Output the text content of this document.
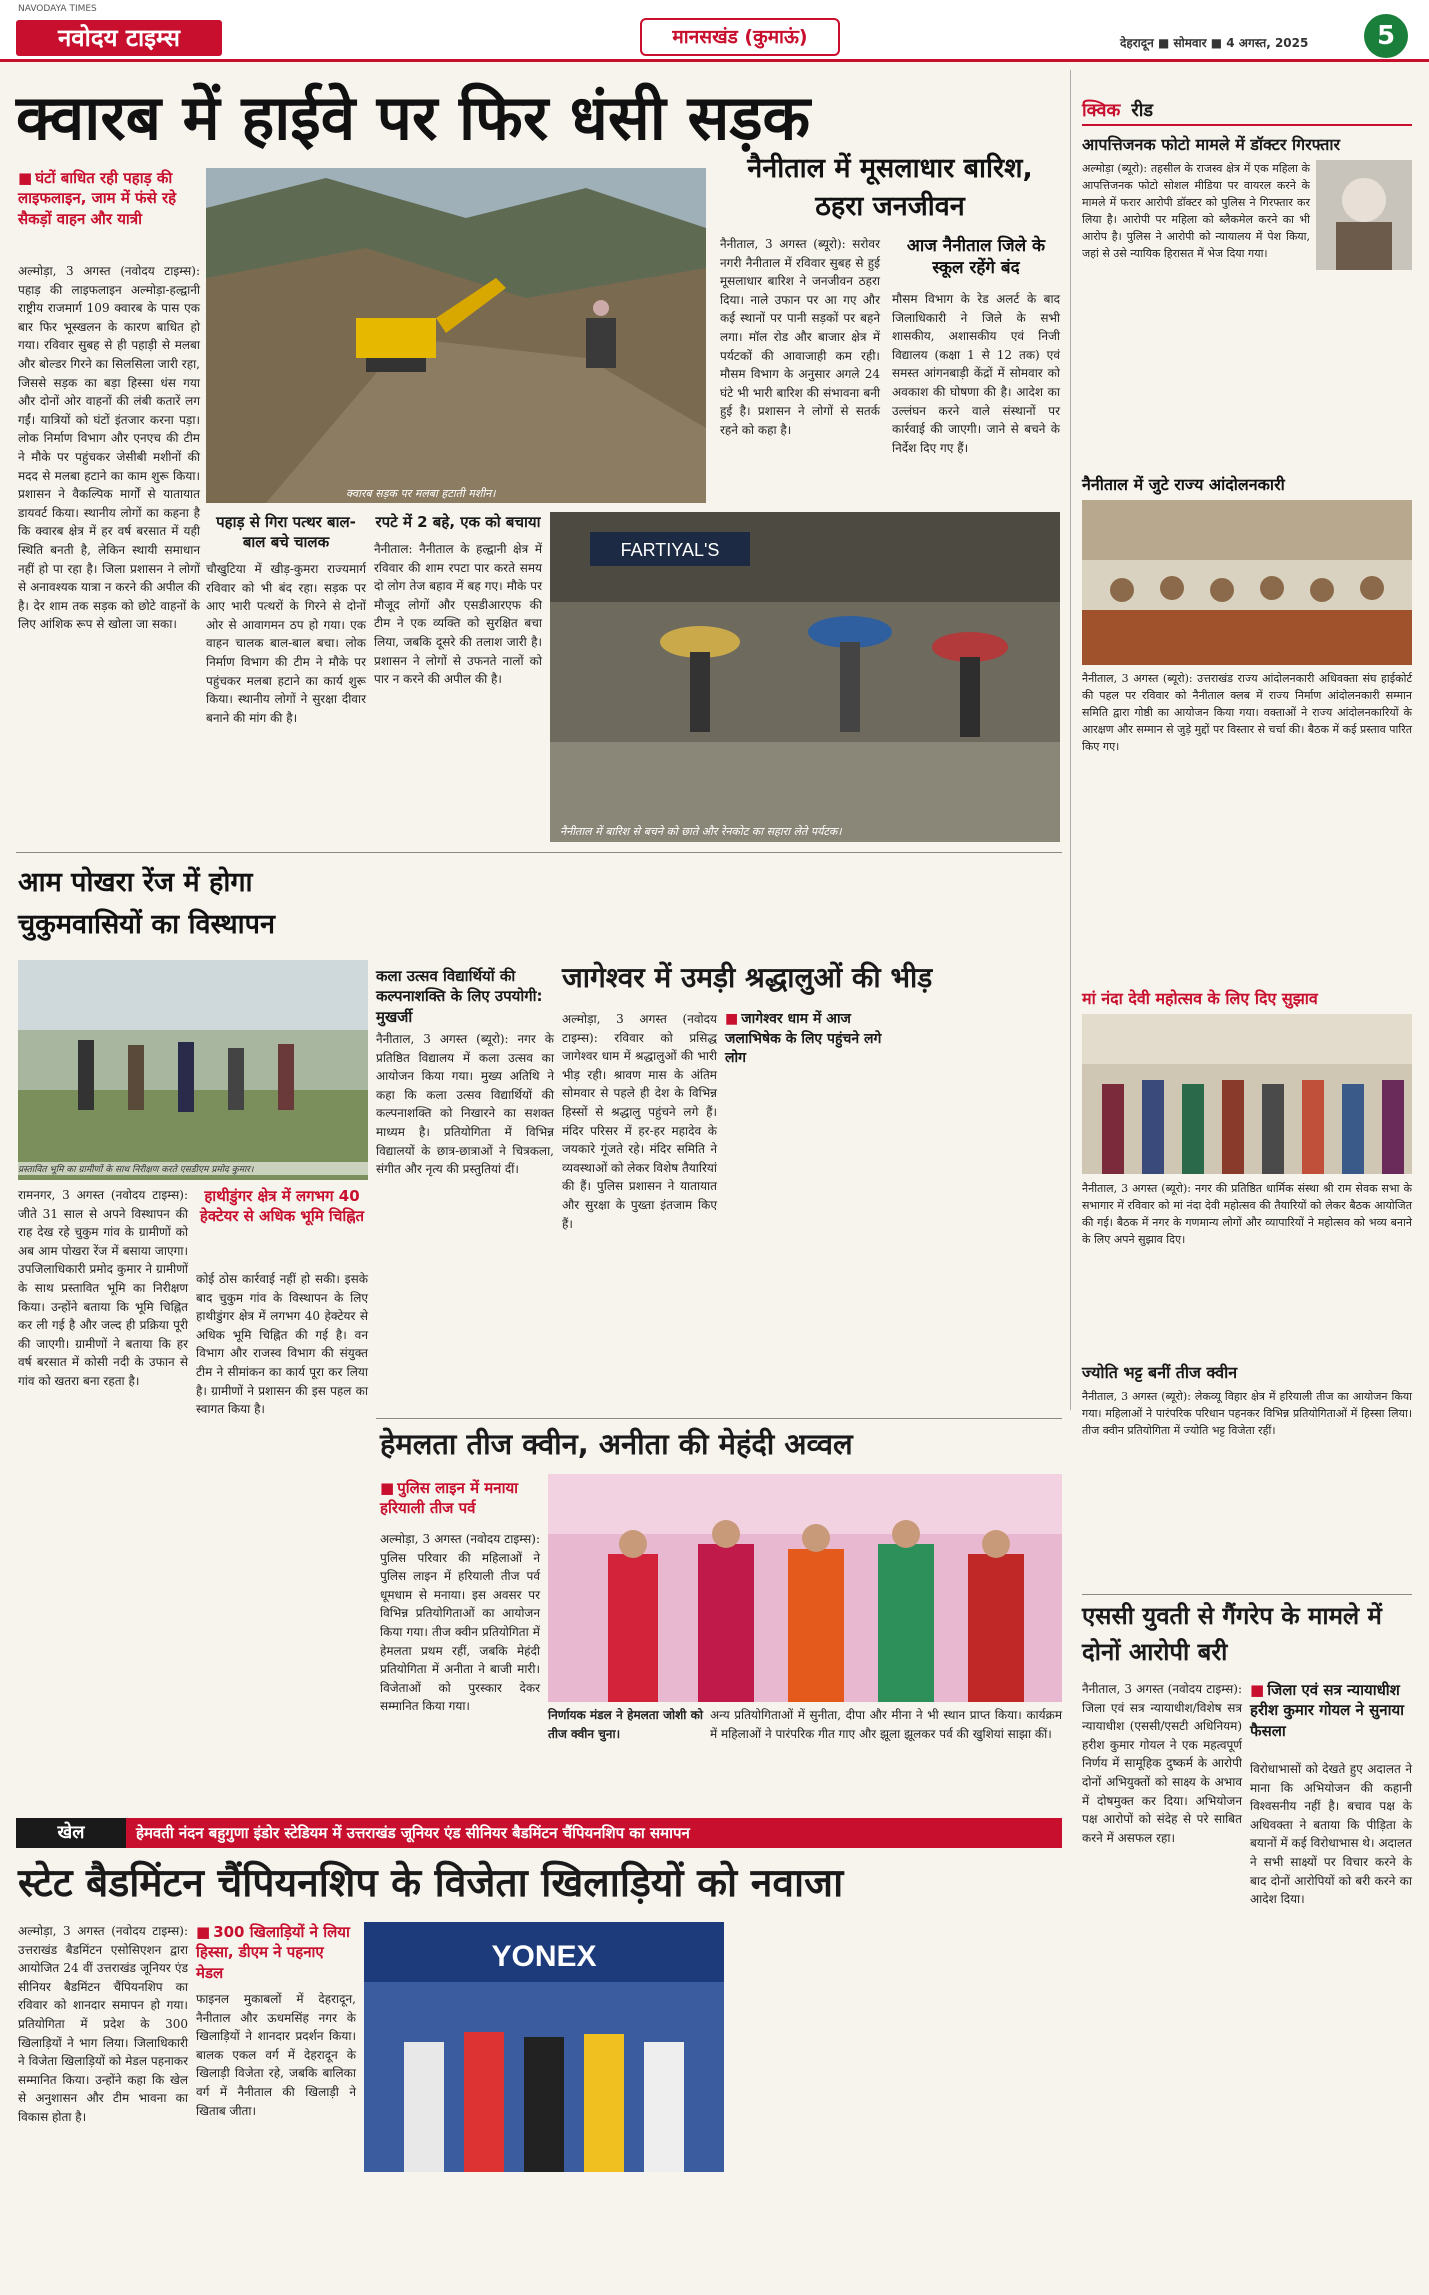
NAVODAYA TIMES
नवोदय टाइम्स	मानसखंड (कुमाऊं)	देहरादून ■ सोमवार ■ 4 अगस्त, 2025	5
क्वारब में हाईवे पर फिर धंसी सड़क
■ घंटों बाधित रही पहाड़ की लाइफलाइन, जाम में फंसे रहे सैकड़ों वाहन और यात्री
अल्मोड़ा, 3 अगस्त (नवोदय टाइम्स): पहाड़ की लाइफलाइन अल्मोड़ा-हल्द्वानी राष्ट्रीय राजमार्ग 109 क्वारब के पास एक बार फिर भूस्खलन के कारण बाधित हो गया। रविवार सुबह से ही पहाड़ी से मलबा और बोल्डर गिरने का सिलसिला जारी रहा, जिससे सड़क का बड़ा हिस्सा धंस गया और दोनों ओर वाहनों की लंबी कतारें लग गईं। यात्रियों को घंटों इंतजार करना पड़ा। लोक निर्माण विभाग और एनएच की टीम ने मौके पर पहुंचकर जेसीबी मशीनों की मदद से मलबा हटाने का काम शुरू किया। प्रशासन ने वैकल्पिक मार्गों से यातायात डायवर्ट किया। स्थानीय लोगों का कहना है कि क्वारब क्षेत्र में हर वर्ष बरसात में यही स्थिति बनती है, लेकिन स्थायी समाधान नहीं हो पा रहा है। जिला प्रशासन ने लोगों से अनावश्यक यात्रा न करने की अपील की है। देर शाम तक सड़क को छोटे वाहनों के लिए आंशिक रूप से खोला जा सका।
क्वारब सड़क पर मलबा हटाती मशीन।
नैनीताल में मूसलाधार बारिश, ठहरा जनजीवन
नैनीताल, 3 अगस्त (ब्यूरो): सरोवर नगरी नैनीताल में रविवार सुबह से हुई मूसलाधार बारिश ने जनजीवन ठहरा दिया। नाले उफान पर आ गए और कई स्थानों पर पानी सड़कों पर बहने लगा। मॉल रोड और बाजार क्षेत्र में पर्यटकों की आवाजाही कम रही। मौसम विभाग के अनुसार अगले 24 घंटे भी भारी बारिश की संभावना बनी हुई है। प्रशासन ने लोगों से सतर्क रहने को कहा है।
आज नैनीताल जिले के स्कूल रहेंगे बंद
मौसम विभाग के रेड अलर्ट के बाद जिलाधिकारी ने जिले के सभी शासकीय, अशासकीय एवं निजी विद्यालय (कक्षा 1 से 12 तक) एवं समस्त आंगनबाड़ी केंद्रों में सोमवार को अवकाश की घोषणा की है। आदेश का उल्लंघन करने वाले संस्थानों पर कार्रवाई की जाएगी। जाने से बचने के निर्देश दिए गए हैं।
पहाड़ से गिरा पत्थर बाल-बाल बचे चालक
चौखुटिया में खीड़-कुमरा राज्यमार्ग रविवार को भी बंद रहा। सड़क पर आए भारी पत्थरों के गिरने से दोनों ओर से आवागमन ठप हो गया। एक वाहन चालक बाल-बाल बचा। लोक निर्माण विभाग की टीम ने मौके पर पहुंचकर मलबा हटाने का कार्य शुरू किया। स्थानीय लोगों ने सुरक्षा दीवार बनाने की मांग की है।
रपटे में 2 बहे, एक को बचाया
नैनीताल: नैनीताल के हल्द्वानी क्षेत्र में रविवार की शाम रपटा पार करते समय दो लोग तेज बहाव में बह गए। मौके पर मौजूद लोगों और एसडीआरएफ की टीम ने एक व्यक्ति को सुरक्षित बचा लिया, जबकि दूसरे की तलाश जारी है। प्रशासन ने लोगों से उफनते नालों को पार न करने की अपील की है।
FARTIYAL'S
नैनीताल में बारिश से बचने को छाते और रेनकोट का सहारा लेते पर्यटक।
आम पोखरा रेंज में होगा चुकुमवासियों का विस्थापन
प्रस्तावित भूमि का ग्रामीणों के साथ निरीक्षण करते एसडीएम प्रमोद कुमार।
रामनगर, 3 अगस्त (नवोदय टाइम्स): जीते 31 साल से अपने विस्थापन की राह देख रहे चुकुम गांव के ग्रामीणों को अब आम पोखरा रेंज में बसाया जाएगा। उपजिलाधिकारी प्रमोद कुमार ने ग्रामीणों के साथ प्रस्तावित भूमि का निरीक्षण किया। उन्होंने बताया कि भूमि चिह्नित कर ली गई है और जल्द ही प्रक्रिया पूरी की जाएगी। ग्रामीणों ने बताया कि हर वर्ष बरसात में कोसी नदी के उफान से गांव को खतरा बना रहता है।
हाथीडुंगर क्षेत्र में लगभग 40 हेक्टेयर से अधिक भूमि चिह्नित
कोई ठोस कार्रवाई नहीं हो सकी। इसके बाद चुकुम गांव के विस्थापन के लिए हाथीडुंगर क्षेत्र में लगभग 40 हेक्टेयर से अधिक भूमि चिह्नित की गई है। वन विभाग और राजस्व विभाग की संयुक्त टीम ने सीमांकन का कार्य पूरा कर लिया है। ग्रामीणों ने प्रशासन की इस पहल का स्वागत किया है।
कला उत्सव विद्यार्थियों की कल्पनाशक्ति के लिए उपयोगी: मुखर्जी
नैनीताल, 3 अगस्त (ब्यूरो): नगर के प्रतिष्ठित विद्यालय में कला उत्सव का आयोजन किया गया। मुख्य अतिथि ने कहा कि कला उत्सव विद्यार्थियों की कल्पनाशक्ति को निखारने का सशक्त माध्यम है। प्रतियोगिता में विभिन्न विद्यालयों के छात्र-छात्राओं ने चित्रकला, संगीत और नृत्य की प्रस्तुतियां दीं।
जागेश्वर में उमड़ी श्रद्धालुओं की भीड़
अल्मोड़ा, 3 अगस्त (नवोदय टाइम्स): रविवार को प्रसिद्ध जागेश्वर धाम में श्रद्धालुओं की भारी भीड़ रही। श्रावण मास के अंतिम सोमवार से पहले ही देश के विभिन्न हिस्सों से श्रद्धालु पहुंचने लगे हैं। मंदिर परिसर में हर-हर महादेव के जयकारे गूंजते रहे। मंदिर समिति ने व्यवस्थाओं को लेकर विशेष तैयारियां की हैं। पुलिस प्रशासन ने यातायात और सुरक्षा के पुख्ता इंतजाम किए हैं।
■ जागेश्वर धाम में आज जलाभिषेक के लिए पहुंचने लगे लोग
हेमलता तीज क्वीन, अनीता की मेहंदी अव्वल
■ पुलिस लाइन में मनाया हरियाली तीज पर्व
अल्मोड़ा, 3 अगस्त (नवोदय टाइम्स): पुलिस परिवार की महिलाओं ने पुलिस लाइन में हरियाली तीज पर्व धूमधाम से मनाया। इस अवसर पर विभिन्न प्रतियोगिताओं का आयोजन किया गया। तीज क्वीन प्रतियोगिता में हेमलता प्रथम रहीं, जबकि मेहंदी प्रतियोगिता में अनीता ने बाजी मारी। विजेताओं को पुरस्कार देकर सम्मानित किया गया।
निर्णायक मंडल ने हेमलता जोशी को तीज क्वीन चुना।
अन्य प्रतियोगिताओं में सुनीता, दीपा और मीना ने भी स्थान प्राप्त किया। कार्यक्रम में महिलाओं ने पारंपरिक गीत गाए और झूला झूलकर पर्व की खुशियां साझा कीं।
खेल	हेमवती नंदन बहुगुणा इंडोर स्टेडियम में उत्तराखंड जूनियर एंड सीनियर बैडमिंटन चैंपियनशिप का समापन
स्टेट बैडमिंटन चैंपियनशिप के विजेता खिलाड़ियों को नवाजा
अल्मोड़ा, 3 अगस्त (नवोदय टाइम्स): उत्तराखंड बैडमिंटन एसोसिएशन द्वारा आयोजित 24 वीं उत्तराखंड जूनियर एंड सीनियर बैडमिंटन चैंपियनशिप का रविवार को शानदार समापन हो गया। प्रतियोगिता में प्रदेश के 300 खिलाड़ियों ने भाग लिया। जिलाधिकारी ने विजेता खिलाड़ियों को मेडल पहनाकर सम्मानित किया। उन्होंने कहा कि खेल से अनुशासन और टीम भावना का विकास होता है।
■ 300 खिलाड़ियों ने लिया हिस्सा, डीएम ने पहनाए मेडल
फाइनल मुकाबलों में देहरादून, नैनीताल और ऊधमसिंह नगर के खिलाड़ियों ने शानदार प्रदर्शन किया। बालक एकल वर्ग में देहरादून के खिलाड़ी विजेता रहे, जबकि बालिका वर्ग में नैनीताल की खिलाड़ी ने खिताब जीता।
YONEX
क्विक रीड
आपत्तिजनक फोटो मामले में डॉक्टर गिरफ्तार
अल्मोड़ा (ब्यूरो): तहसील के राजस्व क्षेत्र में एक महिला के आपत्तिजनक फोटो सोशल मीडिया पर वायरल करने के मामले में फरार आरोपी डॉक्टर को पुलिस ने गिरफ्तार कर लिया है। आरोपी पर महिला को ब्लैकमेल करने का भी आरोप है। पुलिस ने आरोपी को न्यायालय में पेश किया, जहां से उसे न्यायिक हिरासत में भेज दिया गया।
नैनीताल में जुटे राज्य आंदोलनकारी
नैनीताल, 3 अगस्त (ब्यूरो): उत्तराखंड राज्य आंदोलनकारी अधिवक्ता संघ हाईकोर्ट की पहल पर रविवार को नैनीताल क्लब में राज्य निर्माण आंदोलनकारी सम्मान समिति द्वारा गोष्ठी का आयोजन किया गया। वक्ताओं ने राज्य आंदोलनकारियों के आरक्षण और सम्मान से जुड़े मुद्दों पर विस्तार से चर्चा की। बैठक में कई प्रस्ताव पारित किए गए।
मां नंदा देवी महोत्सव के लिए दिए सुझाव
नैनीताल, 3 अगस्त (ब्यूरो): नगर की प्रतिष्ठित धार्मिक संस्था श्री राम सेवक सभा के सभागार में रविवार को मां नंदा देवी महोत्सव की तैयारियों को लेकर बैठक आयोजित की गई। बैठक में नगर के गणमान्य लोगों और व्यापारियों ने महोत्सव को भव्य बनाने के लिए अपने सुझाव दिए।
ज्योति भट्ट बनीं तीज क्वीन
नैनीताल, 3 अगस्त (ब्यूरो): लेकव्यू विहार क्षेत्र में हरियाली तीज का आयोजन किया गया। महिलाओं ने पारंपरिक परिधान पहनकर विभिन्न प्रतियोगिताओं में हिस्सा लिया। तीज क्वीन प्रतियोगिता में ज्योति भट्ट विजेता रहीं।
एससी युवती से गैंगरेप के मामले में दोनों आरोपी बरी
नैनीताल, 3 अगस्त (नवोदय टाइम्स): जिला एवं सत्र न्यायाधीश/विशेष सत्र न्यायाधीश (एससी/एसटी अधिनियम) हरीश कुमार गोयल ने एक महत्वपूर्ण निर्णय में सामूहिक दुष्कर्म के आरोपी दोनों अभियुक्तों को साक्ष्य के अभाव में दोषमुक्त कर दिया। अभियोजन पक्ष आरोपों को संदेह से परे साबित करने में असफल रहा।
■ जिला एवं सत्र न्यायाधीश हरीश कुमार गोयल ने सुनाया फैसला
विरोधाभासों को देखते हुए अदालत ने माना कि अभियोजन की कहानी विश्वसनीय नहीं है। बचाव पक्ष के अधिवक्ता ने बताया कि पीड़िता के बयानों में कई विरोधाभास थे। अदालत ने सभी साक्ष्यों पर विचार करने के बाद दोनों आरोपियों को बरी करने का आदेश दिया।
